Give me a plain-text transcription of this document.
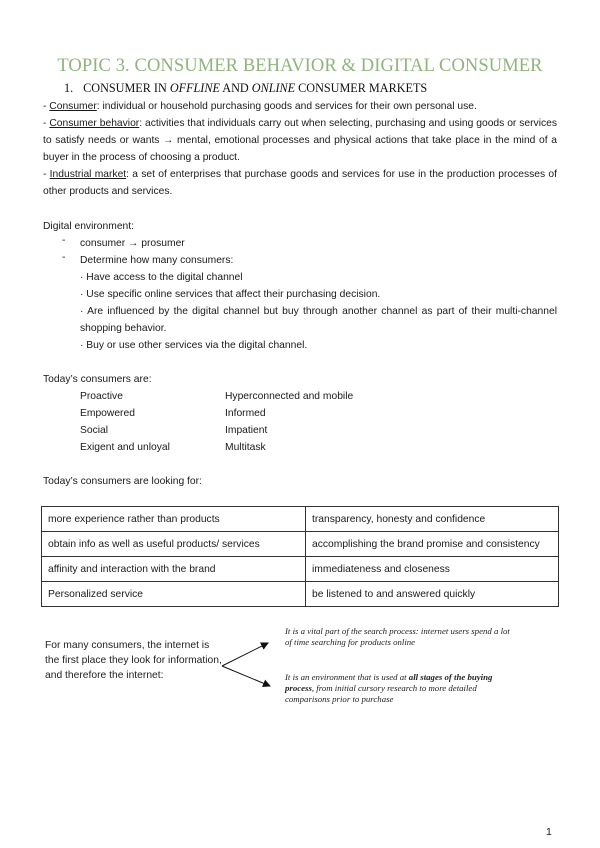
TOPIC 3. CONSUMER BEHAVIOR & DIGITAL CONSUMER
1. CONSUMER IN OFFLINE AND ONLINE CONSUMER MARKETS
- Consumer: individual or household purchasing goods and services for their own personal use.
- Consumer behavior: activities that individuals carry out when selecting, purchasing and using goods or services to satisfy needs or wants → mental, emotional processes and physical actions that take place in the mind of a buyer in the process of choosing a product.
- Industrial market: a set of enterprises that purchase goods and services for use in the production processes of other products and services.
Digital environment:
- consumer → prosumer
- Determine how many consumers:
· Have access to the digital channel
· Use specific online services that affect their purchasing decision.
· Are influenced by the digital channel but buy through another channel as part of their multi-channel shopping behavior.
· Buy or use other services via the digital channel.
Today’s consumers are:
Proactive	Hyperconnected and mobile
Empowered	Informed
Social	Impatient
Exigent and unloyal	Multitask
Today’s consumers are looking for:
more experience rather than products	transparency, honesty and confidence
obtain info as well as useful products/ services	accomplishing the brand promise and consistency
affinity and interaction with the brand	immediateness and closeness
Personalized service	be listened to and answered quickly
For many consumers, the internet is the first place they look for information, and therefore the internet:
It is a vital part of the search process: internet users spend a lot of time searching for products online
It is an environment that is used at all stages of the buying process, from initial cursory research to more detailed comparisons prior to purchase
1
